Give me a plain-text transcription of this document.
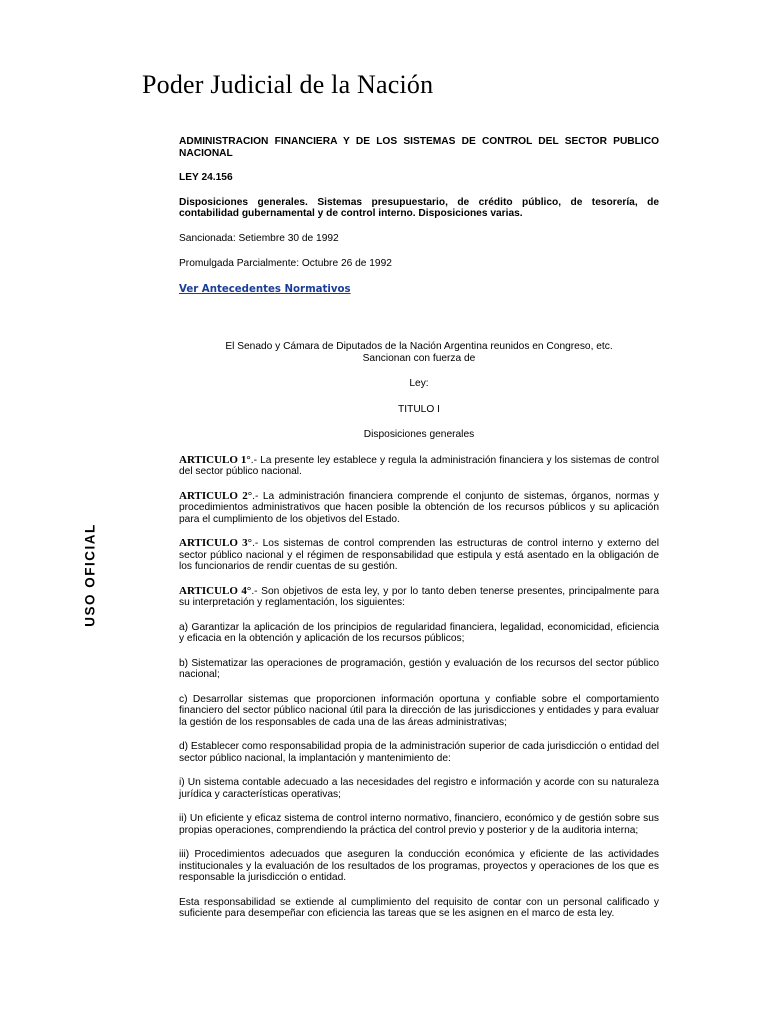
Poder Judicial de la Nación
USO OFICIAL

ADMINISTRACION FINANCIERA Y DE LOS SISTEMAS DE CONTROL DEL SECTOR PUBLICO NACIONAL

LEY 24.156

Disposiciones generales. Sistemas presupuestario, de crédito público, de tesorería, de contabilidad gubernamental y de control interno. Disposiciones varias.

Sancionada: Setiembre 30 de 1992

Promulgada Parcialmente: Octubre 26 de 1992

Ver Antecedentes Normativos

El Senado y Cámara de Diputados de la Nación Argentina reunidos en Congreso, etc.

Sancionan con fuerza de

Ley:

TITULO I

Disposiciones generales

ARTICULO 1°.- La presente ley establece y regula la administración financiera y los sistemas de control del sector público nacional.

ARTICULO 2°.- La administración financiera comprende el conjunto de sistemas, órganos, normas y procedimientos administrativos que hacen posible la obtención de los recursos públicos y su aplicación para el cumplimiento de los objetivos del Estado.

ARTICULO 3°.- Los sistemas de control comprenden las estructuras de control interno y externo del sector público nacional y el régimen de responsabilidad que estipula y está asentado en la obligación de los funcionarios de rendir cuentas de su gestión.

ARTICULO 4°.- Son objetivos de esta ley, y por lo tanto deben tenerse presentes, principalmente para su interpretación y reglamentación, los siguientes:

a) Garantizar la aplicación de los principios de regularidad financiera, legalidad, economicidad, eficiencia y eficacia en la obtención y aplicación de los recursos públicos;

b) Sistematizar las operaciones de programación, gestión y evaluación de los recursos del sector público nacional;

c) Desarrollar sistemas que proporcionen información oportuna y confiable sobre el comportamiento financiero del sector público nacional útil para la dirección de las jurisdicciones y entidades y para evaluar la gestión de los responsables de cada una de las áreas administrativas;

d) Establecer como responsabilidad propia de la administración superior de cada jurisdicción o entidad del sector público nacional, la implantación y mantenimiento de:

i) Un sistema contable adecuado a las necesidades del registro e información y acorde con su naturaleza jurídica y características operativas;

ii) Un eficiente y eficaz sistema de control interno normativo, financiero, económico y de gestión sobre sus propias operaciones, comprendiendo la práctica del control previo y posterior y de la auditoria interna;

iii) Procedimientos adecuados que aseguren la conducción económica y eficiente de las actividades institucionales y la evaluación de los resultados de los programas, proyectos y operaciones de los que es responsable la jurisdicción o entidad.

Esta responsabilidad se extiende al cumplimiento del requisito de contar con un personal calificado y suficiente para desempeñar con eficiencia las tareas que se les asignen en el marco de esta ley.
